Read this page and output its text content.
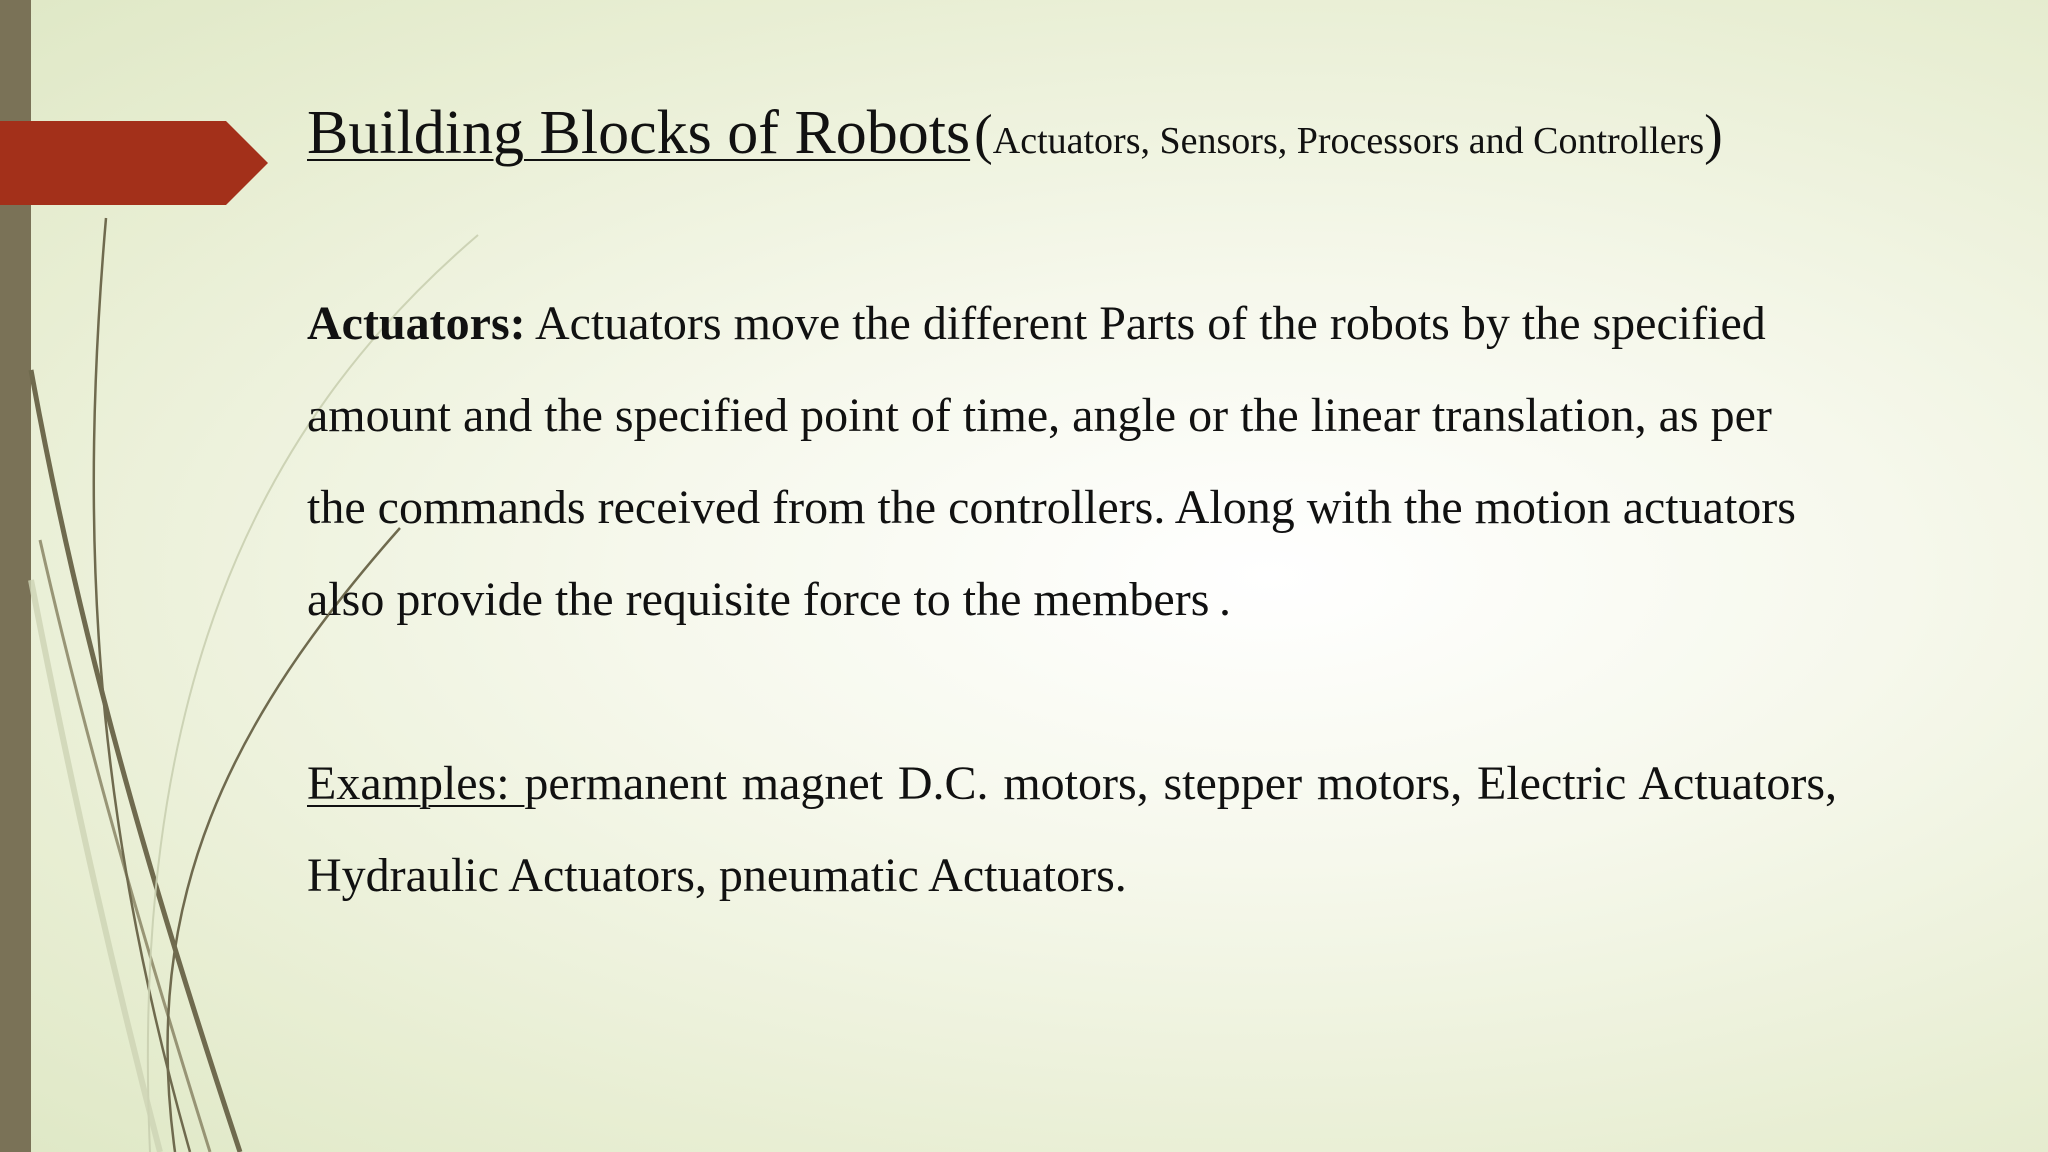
Building Blocks of Robots (Actuators, Sensors, Processors and Controllers)

Actuators: Actuators move the different Parts of the robots by the specified amount and the specified point of time, angle or the linear translation, as per the commands received from the controllers. Along with the motion actuators also provide the requisite force to the members .

Examples: permanent magnet D.C. motors, stepper motors, Electric Actuators, Hydraulic Actuators, pneumatic Actuators.
